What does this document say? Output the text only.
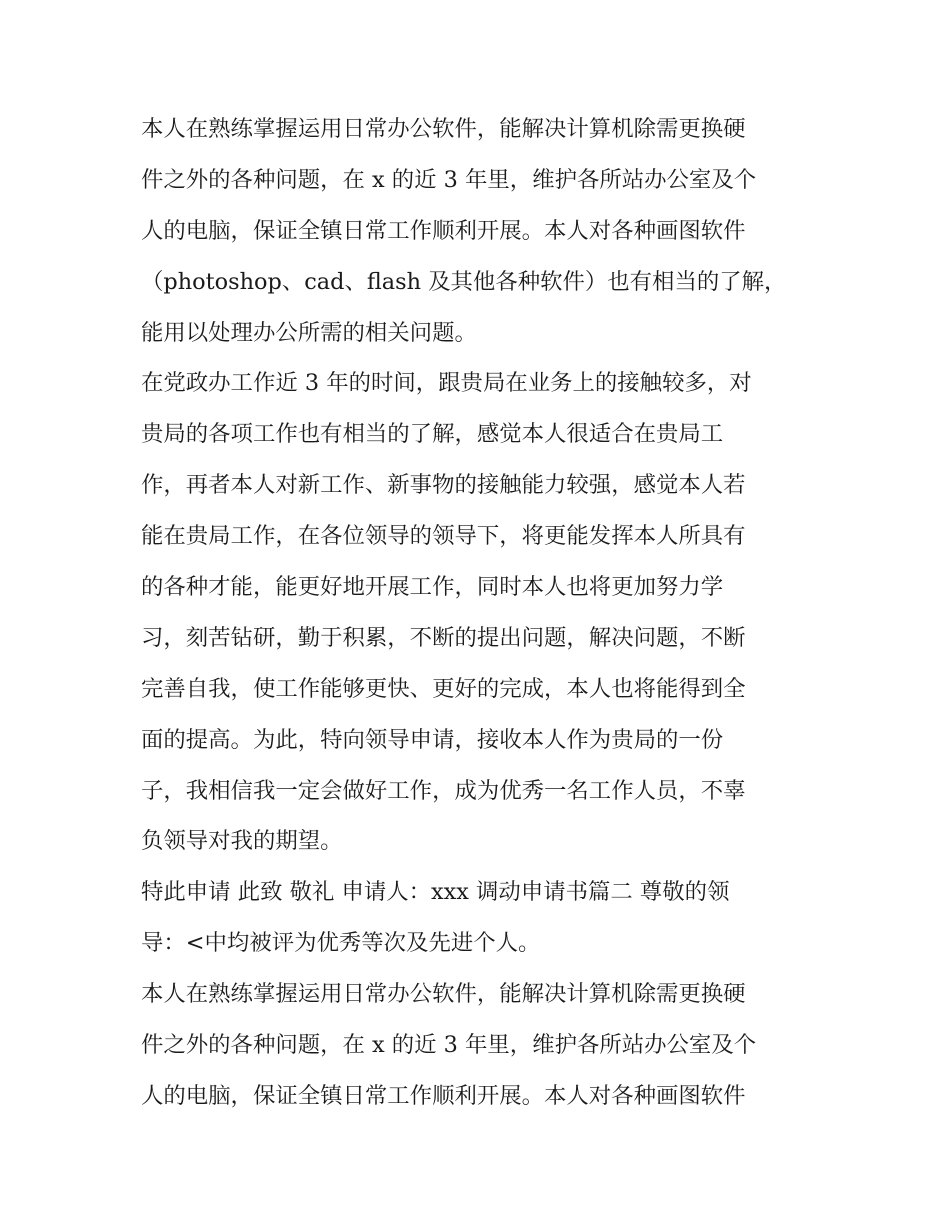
本人在熟练掌握运用日常办公软件，能解决计算机除需更换硬
件之外的各种问题，在 x 的近 3 年里，维护各所站办公室及个
人的电脑，保证全镇日常工作顺利开展。本人对各种画图软件
（photoshop、cad、flash 及其他各种软件）也有相当的了解，
能用以处理办公所需的相关问题。
在党政办工作近 3 年的时间，跟贵局在业务上的接触较多，对
贵局的各项工作也有相当的了解，感觉本人很适合在贵局工
作，再者本人对新工作、新事物的接触能力较强，感觉本人若
能在贵局工作，在各位领导的领导下，将更能发挥本人所具有
的各种才能，能更好地开展工作，同时本人也将更加努力学
习，刻苦钻研，勤于积累，不断的提出问题，解决问题，不断
完善自我，使工作能够更快、更好的完成，本人也将能得到全
面的提高。为此，特向领导申请，接收本人作为贵局的一份
子，我相信我一定会做好工作，成为优秀一名工作人员，不辜
负领导对我的期望。
特此申请 此致 敬礼 申请人：xxx 调动申请书篇二 尊敬的领
导：<中均被评为优秀等次及先进个人。
本人在熟练掌握运用日常办公软件，能解决计算机除需更换硬
件之外的各种问题，在 x 的近 3 年里，维护各所站办公室及个
人的电脑，保证全镇日常工作顺利开展。本人对各种画图软件
